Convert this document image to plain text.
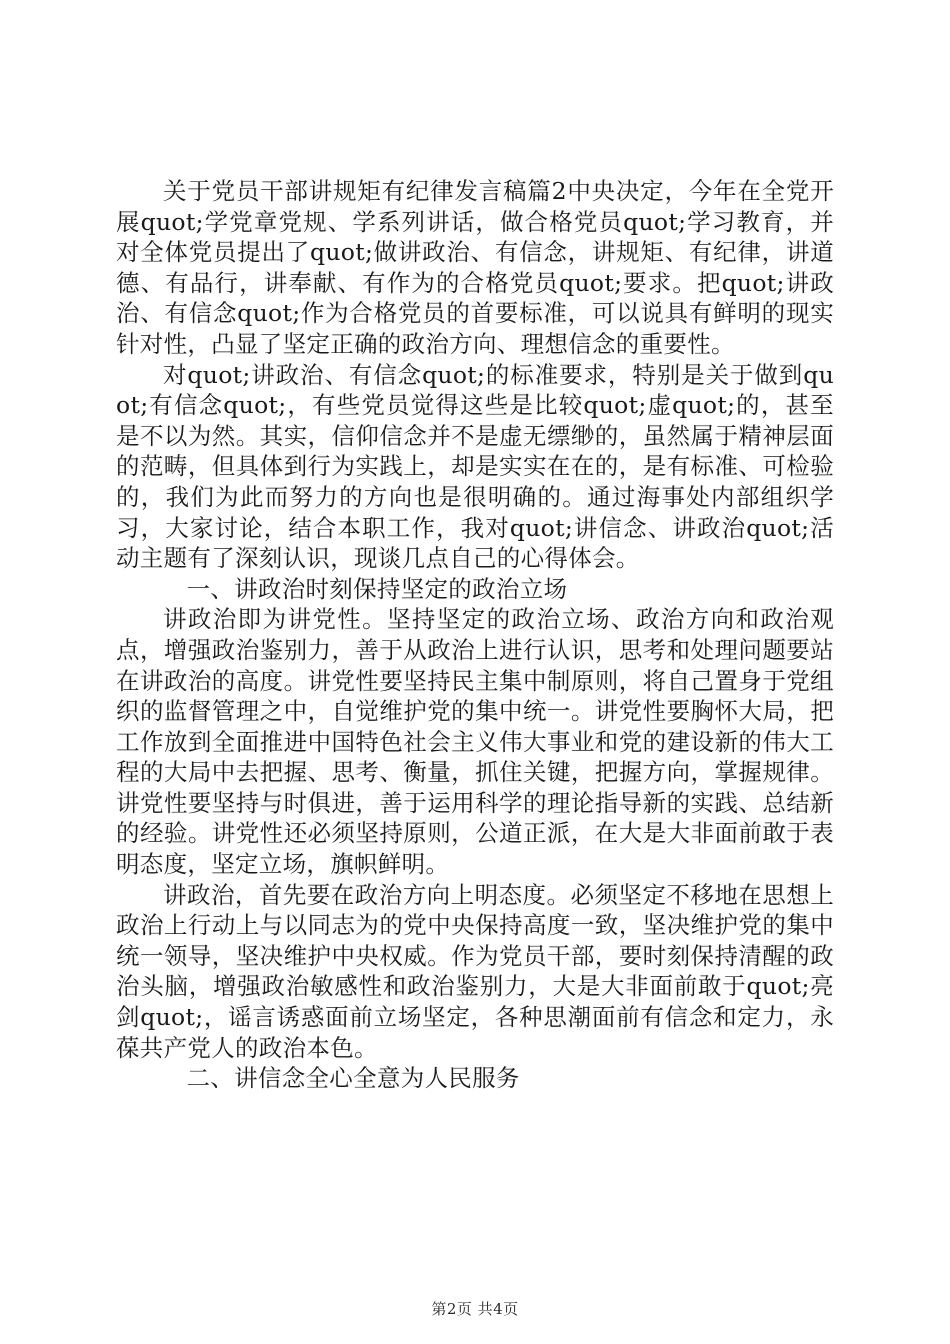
关于党员干部讲规矩有纪律发言稿篇2中央决定，今年在全党开展quot;学党章党规、学系列讲话，做合格党员quot;学习教育，并对全体党员提出了quot;做讲政治、有信念，讲规矩、有纪律，讲道德、有品行，讲奉献、有作为的合格党员quot;要求。把quot;讲政治、有信念quot;作为合格党员的首要标准，可以说具有鲜明的现实针对性，凸显了坚定正确的政治方向、理想信念的重要性。

对quot;讲政治、有信念quot;的标准要求，特别是关于做到quot;有信念quot;，有些党员觉得这些是比较quot;虚quot;的，甚至是不以为然。其实，信仰信念并不是虚无缥缈的，虽然属于精神层面的范畴，但具体到行为实践上，却是实实在在的，是有标准、可检验的，我们为此而努力的方向也是很明确的。通过海事处内部组织学习，大家讨论，结合本职工作，我对quot;讲信念、讲政治quot;活动主题有了深刻认识，现谈几点自己的心得体会。

一、讲政治时刻保持坚定的政治立场

讲政治即为讲党性。坚持坚定的政治立场、政治方向和政治观点，增强政治鉴别力，善于从政治上进行认识，思考和处理问题要站在讲政治的高度。讲党性要坚持民主集中制原则，将自己置身于党组织的监督管理之中，自觉维护党的集中统一。讲党性要胸怀大局，把工作放到全面推进中国特色社会主义伟大事业和党的建设新的伟大工程的大局中去把握、思考、衡量，抓住关键，把握方向，掌握规律。讲党性要坚持与时俱进，善于运用科学的理论指导新的实践、总结新的经验。讲党性还必须坚持原则，公道正派，在大是大非面前敢于表明态度，坚定立场，旗帜鲜明。

讲政治，首先要在政治方向上明态度。必须坚定不移地在思想上政治上行动上与以同志为的党中央保持高度一致，坚决维护党的集中统一领导，坚决维护中央权威。作为党员干部，要时刻保持清醒的政治头脑，增强政治敏感性和政治鉴别力，大是大非面前敢于quot;亮剑quot;，谣言诱惑面前立场坚定，各种思潮面前有信念和定力，永葆共产党人的政治本色。

二、讲信念全心全意为人民服务

第2页 共4页
